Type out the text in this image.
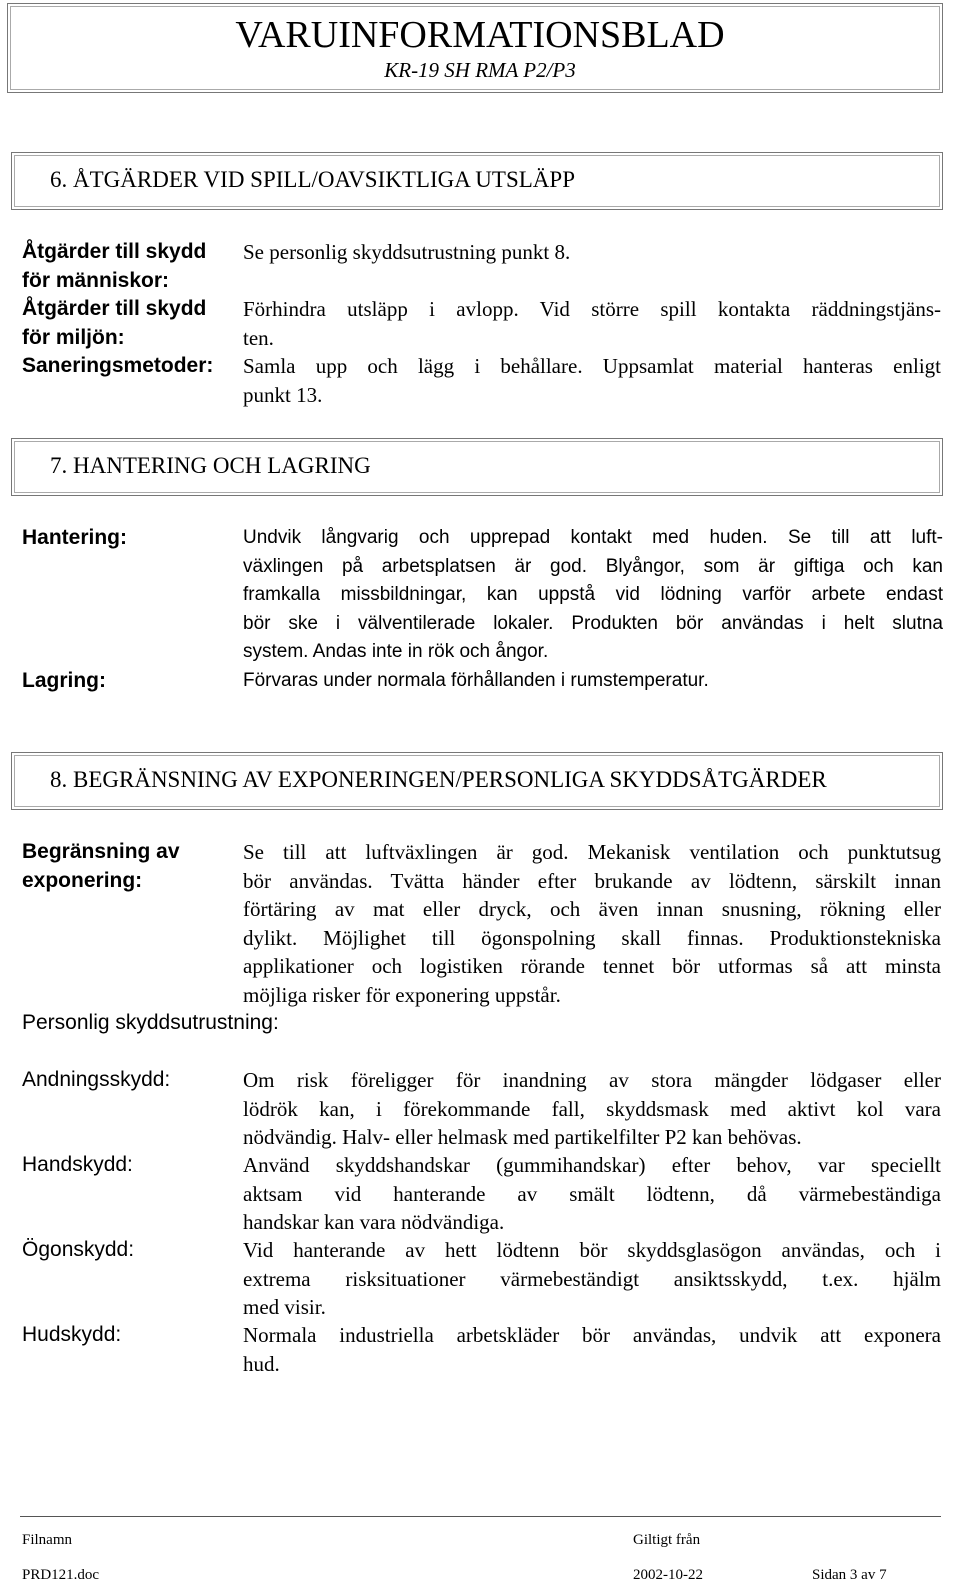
VARUINFORMATIONSBLAD
KR-19 SH RMA P2/P3
6. ÅTGÄRDER VID SPILL/OAVSIKTLIGA UTSLÄPP
Åtgärder till skydd
för människor:
Se personlig skyddsutrustning punkt 8.
Åtgärder till skydd
för miljön:
Förhindra utsläpp i avlopp. Vid större spill kontakta räddningstjäns-
ten.
Saneringsmetoder: Samla upp och lägg i behållare. Uppsamlat material hanteras enligt
punkt 13.
7. HANTERING OCH LAGRING
Hantering:	Undvik långvarig och upprepad kontakt med huden. Se till att luft-
växlingen på arbetsplatsen är god. Blyångor, som är giftiga och kan
framkalla missbildningar, kan uppstå vid lödning varför arbete endast
bör ske i välventilerade lokaler. Produkten bör användas i helt slutna
system. Andas inte in rök och ångor.
Lagring:	Förvaras under normala förhållanden i rumstemperatur.
8. BEGRÄNSNING AV EXPONERINGEN/PERSONLIGA SKYDDSÅTGÄRDER
Begränsning av
exponering:
Se till att luftväxlingen är god. Mekanisk ventilation och punktutsug
bör användas. Tvätta händer efter brukande av lödtenn, särskilt innan
förtäring av mat eller dryck, och även innan snusning, rökning eller
dylikt. Möjlighet till ögonspolning skall finnas. Produktionstekniska
applikationer och logistiken rörande tennet bör utformas så att minsta
möjliga risker för exponering uppstår.
Personlig skyddsutrustning:
Andningsskydd:	Om risk föreligger för inandning av stora mängder lödgaser eller
lödrök kan, i förekommande fall, skyddsmask med aktivt kol vara
nödvändig. Halv- eller helmask med partikelfilter P2 kan behövas.
Handskydd:	Använd skyddshandskar (gummihandskar) efter behov, var speciellt
aktsam vid hanterande av smält lödtenn, då värmebeständiga
handskar kan vara nödvändiga.
Ögonskydd:	Vid hanterande av hett lödtenn bör skyddsglasögon användas, och i
extrema risksituationer värmebeständigt ansiktsskydd, t.ex. hjälm
med visir.
Hudskydd:	Normala industriella arbetskläder bör användas, undvik att exponera
hud.
Filnamn
PRD121.doc
Giltigt från
2002-10-22	Sidan 3 av 7
